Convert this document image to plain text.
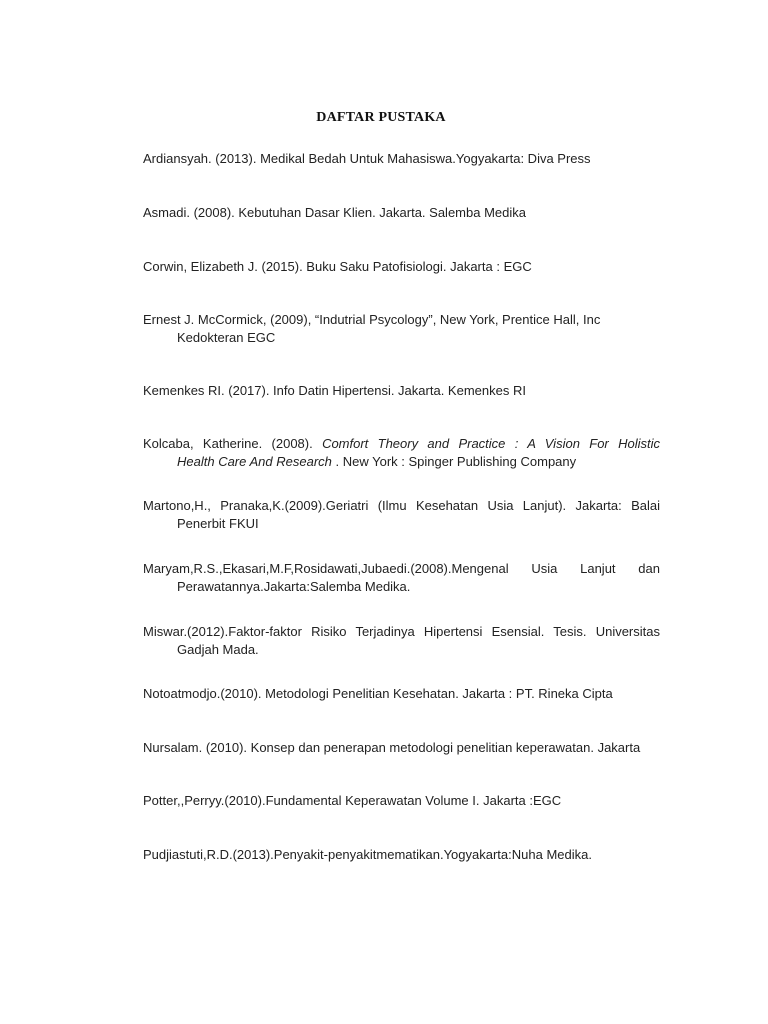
DAFTAR PUSTAKA
Ardiansyah. (2013). Medikal Bedah Untuk Mahasiswa.Yogyakarta: Diva Press
Asmadi. (2008). Kebutuhan Dasar Klien. Jakarta. Salemba Medika
Corwin, Elizabeth J. (2015). Buku Saku Patofisiologi. Jakarta : EGC
Ernest J. McCormick, (2009), “Indutrial Psycology”, New York, Prentice Hall, Inc
Kedokteran EGC
Kemenkes RI. (2017). Info Datin Hipertensi. Jakarta. Kemenkes RI
Kolcaba, Katherine. (2008). Comfort Theory and Practice : A Vision For Holistic
Health Care And Research . New York : Spinger Publishing Company
Martono,H., Pranaka,K.(2009).Geriatri (Ilmu Kesehatan Usia Lanjut). Jakarta: Balai
Penerbit FKUI
Maryam,R.S.,Ekasari,M.F,Rosidawati,Jubaedi.(2008).Mengenal Usia Lanjut dan
Perawatannya.Jakarta:Salemba Medika.
Miswar.(2012).Faktor-faktor Risiko Terjadinya Hipertensi Esensial. Tesis. Universitas
Gadjah Mada.
Notoatmodjo.(2010). Metodologi Penelitian Kesehatan. Jakarta : PT. Rineka Cipta
Nursalam. (2010). Konsep dan penerapan metodologi penelitian keperawatan. Jakarta
Potter,,Perryy.(2010).Fundamental Keperawatan Volume I. Jakarta :EGC
Pudjiastuti,R.D.(2013).Penyakit-penyakitmematikan.Yogyakarta:Nuha Medika.
